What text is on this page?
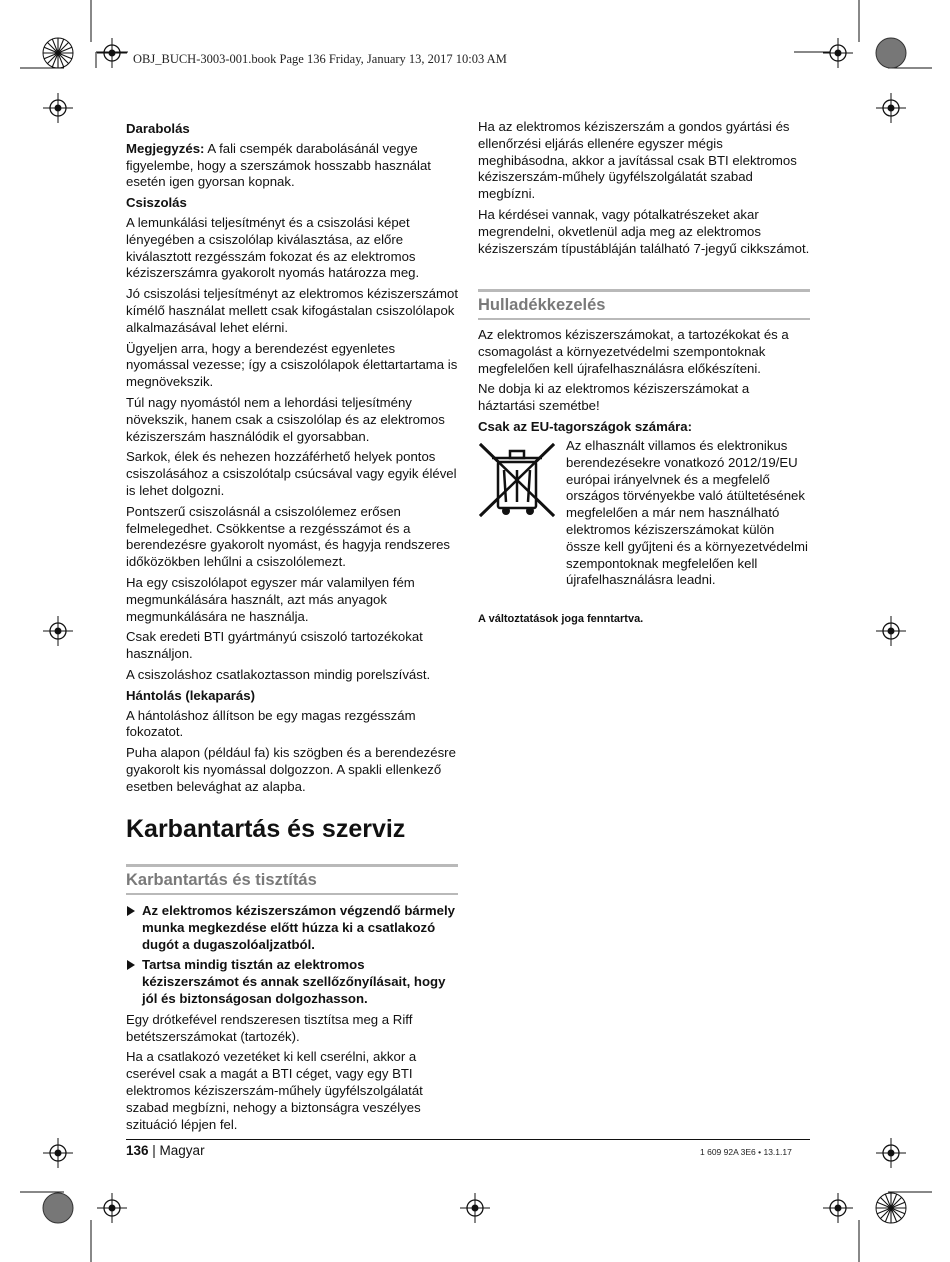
OBJ_BUCH-3003-001.book Page 136 Friday, January 13, 2017 10:03 AM

Darabolás

Megjegyzés: A fali csempék darabolásánál vegye figyelembe, hogy a szerszámok hosszabb használat esetén igen gyorsan kopnak.

Csiszolás

A lemunkálási teljesítményt és a csiszolási képet lényegében a csiszolólap kiválasztása, az előre kiválasztott rezgésszám fokozat és az elektromos kéziszerszámra gyakorolt nyomás határozza meg.

Jó csiszolási teljesítményt az elektromos kéziszerszámot kímélő használat mellett csak kifogástalan csiszolólapok alkalmazásával lehet elérni.

Ügyeljen arra, hogy a berendezést egyenletes nyomással vezesse; így a csiszolólapok élettartartama is megnövekszik.

Túl nagy nyomástól nem a lehordási teljesítmény növekszik, hanem csak a csiszolólap és az elektromos kéziszerszám használódik el gyorsabban.

Sarkok, élek és nehezen hozzáférhető helyek pontos csiszolásához a csiszolótalp csúcsával vagy egyik élével is lehet dolgozni.

Pontszerű csiszolásnál a csiszolólemez erősen felmelegedhet. Csökkentse a rezgésszámot és a berendezésre gyakorolt nyomást, és hagyja rendszeres időközökben lehűlni a csiszolólemezt.

Ha egy csiszolólapot egyszer már valamilyen fém megmunkálására használt, azt más anyagok megmunkálására ne használja.

Csak eredeti BTI gyártmányú csiszoló tartozékokat használjon.

A csiszoláshoz csatlakoztasson mindig porelszívást.

Hántolás (lekaparás)

A hántoláshoz állítson be egy magas rezgésszám fokozatot.

Puha alapon (például fa) kis szögben és a berendezésre gyakorolt kis nyomással dolgozzon. A spakli ellenkező esetben belevághat az alapba.

Karbantartás és szerviz
Karbantartás és tisztítás
Az elektromos kéziszerszámon végzendő bármely munka megkezdése előtt húzza ki a csatlakozó dugót a dugaszolóaljzatból.
Tartsa mindig tisztán az elektromos kéziszerszámot és annak szellőzőnyílásait, hogy jól és biztonságosan dolgozhasson.

Egy drótkefével rendszeresen tisztítsa meg a Riff betétszerszámokat (tartozék).

Ha a csatlakozó vezetéket ki kell cserélni, akkor a cserével csak a magát a BTI céget, vagy egy BTI elektromos kéziszerszám-műhely ügyfélszolgálatát szabad megbízni, nehogy a biztonságra veszélyes szituáció lépjen fel.

Ha az elektromos kéziszerszám a gondos gyártási és ellenőrzési eljárás ellenére egyszer mégis meghibásodna, akkor a javítással csak BTI elektromos kéziszerszám-műhely ügyfélszolgálatát szabad megbízni.

Ha kérdései vannak, vagy pótalkatrészeket akar megrendelni, okvetlenül adja meg az elektromos kéziszerszám típustábláján található 7-jegyű cikkszámot.

Hulladékkezelés

Az elektromos kéziszerszámokat, a tartozékokat és a csomagolást a környezetvédelmi szempontoknak megfelelően kell újrafelhasználásra előkészíteni.

Ne dobja ki az elektromos kéziszerszámokat a háztartási szemétbe!

Csak az EU-tagországok számára:

Az elhasznált villamos és elektronikus berendezésekre vonatkozó 2012/19/EU európai irányelvnek és a megfelelő országos törvényekbe való átültetésének megfelelően a már nem használható elektromos kéziszerszámokat külön össze kell gyűjteni és a környezetvédelmi szempontoknak megfelelően kell újrafelhasználásra leadni.
A változtatások joga fenntartva.
136 | Magyar	1 609 92A 3E6 • 13.1.17
